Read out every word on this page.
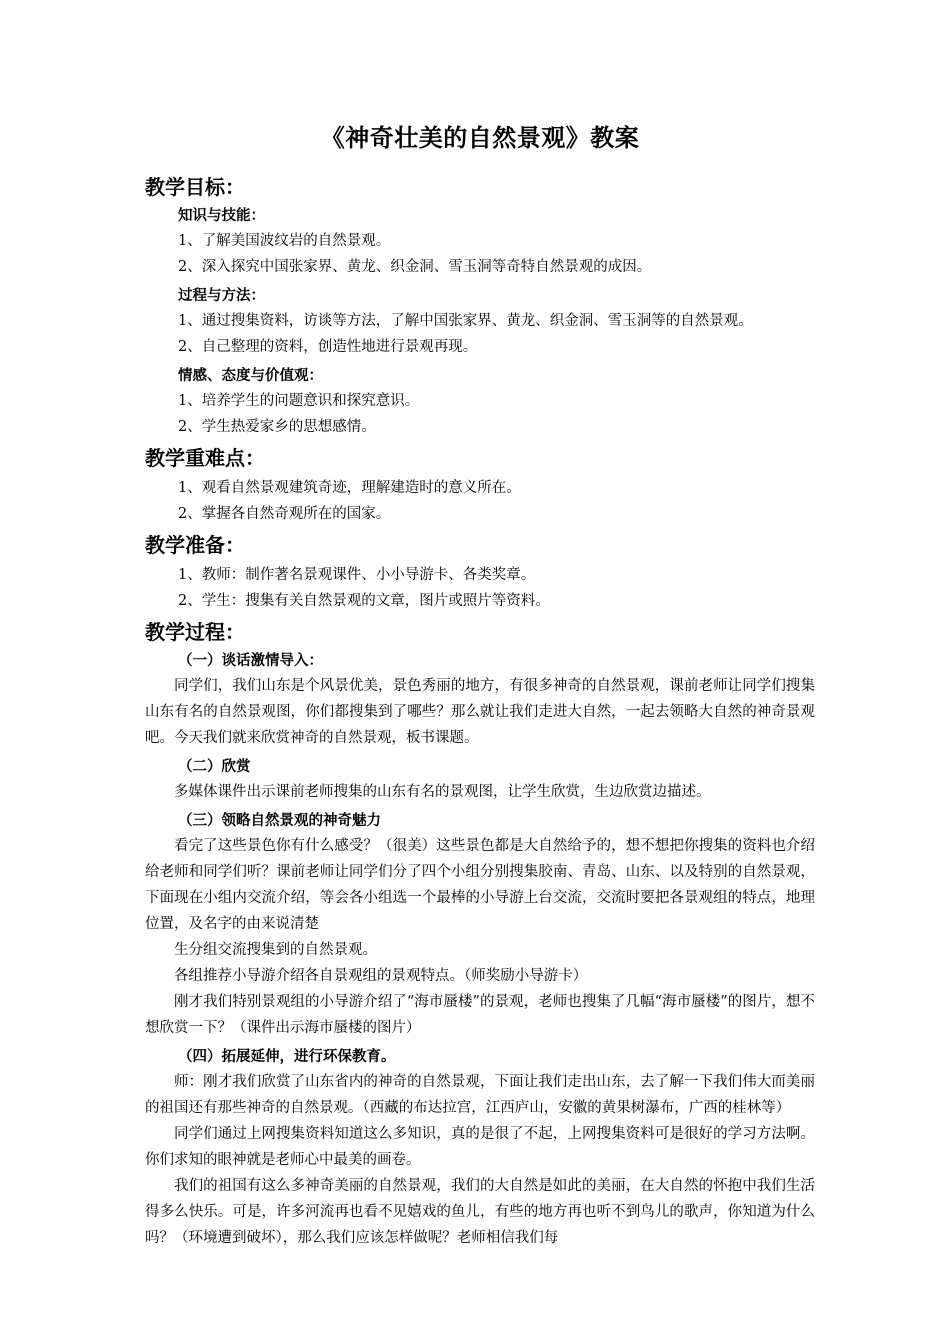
《神奇壮美的自然景观》教案
教学目标：
知识与技能：
1、了解美国波纹岩的自然景观。
2、深入探究中国张家界、黄龙、织金洞、雪玉洞等奇特自然景观的成因。
过程与方法：
1、通过搜集资料，访谈等方法，了解中国张家界、黄龙、织金洞、雪玉洞等的自然景观。
2、自己整理的资料，创造性地进行景观再现。
情感、态度与价值观：
1、培养学生的问题意识和探究意识。
2、学生热爱家乡的思想感情。
教学重难点：
1、观看自然景观建筑奇迹，理解建造时的意义所在。
2、掌握各自然奇观所在的国家。
教学准备：
1、教师：制作著名景观课件、小小导游卡、各类奖章。
2、学生：搜集有关自然景观的文章，图片或照片等资料。
教学过程：
（一）谈话激情导入：
同学们，我们山东是个风景优美，景色秀丽的地方，有很多神奇的自然景观，课前老师让同学们搜集山东有名的自然景观图，你们都搜集到了哪些？那么就让我们走进大自然，一起去领略大自然的神奇景观吧。今天我们就来欣赏神奇的自然景观，板书课题。
（二）欣赏
多媒体课件出示课前老师搜集的山东有名的景观图，让学生欣赏，生边欣赏边描述。
（三）领略自然景观的神奇魅力
看完了这些景色你有什么感受？（很美）这些景色都是大自然给予的，想不想把你搜集的资料也介绍给老师和同学们听？课前老师让同学们分了四个小组分别搜集胶南、青岛、山东、以及特别的自然景观，下面现在小组内交流介绍，等会各小组选一个最棒的小导游上台交流，交流时要把各景观组的特点，地理位置，及名字的由来说清楚
生分组交流搜集到的自然景观。
各组推荐小导游介绍各自景观组的景观特点。（师奖励小导游卡）
刚才我们特别景观组的小导游介绍了“海市蜃楼”的景观，老师也搜集了几幅“海市蜃楼”的图片，想不想欣赏一下？（课件出示海市蜃楼的图片）
（四）拓展延伸，进行环保教育。
师：刚才我们欣赏了山东省内的神奇的自然景观，下面让我们走出山东，去了解一下我们伟大而美丽的祖国还有那些神奇的自然景观。（西藏的布达拉宫，江西庐山，安徽的黄果树瀑布，广西的桂林等）
同学们通过上网搜集资料知道这么多知识，真的是很了不起，上网搜集资料可是很好的学习方法啊。你们求知的眼神就是老师心中最美的画卷。
我们的祖国有这么多神奇美丽的自然景观，我们的大自然是如此的美丽，在大自然的怀抱中我们生活得多么快乐。可是，许多河流再也看不见嬉戏的鱼儿，有些的地方再也听不到鸟儿的歌声，你知道为什么吗？（环境遭到破坏），那么我们应该怎样做呢？老师相信我们每
